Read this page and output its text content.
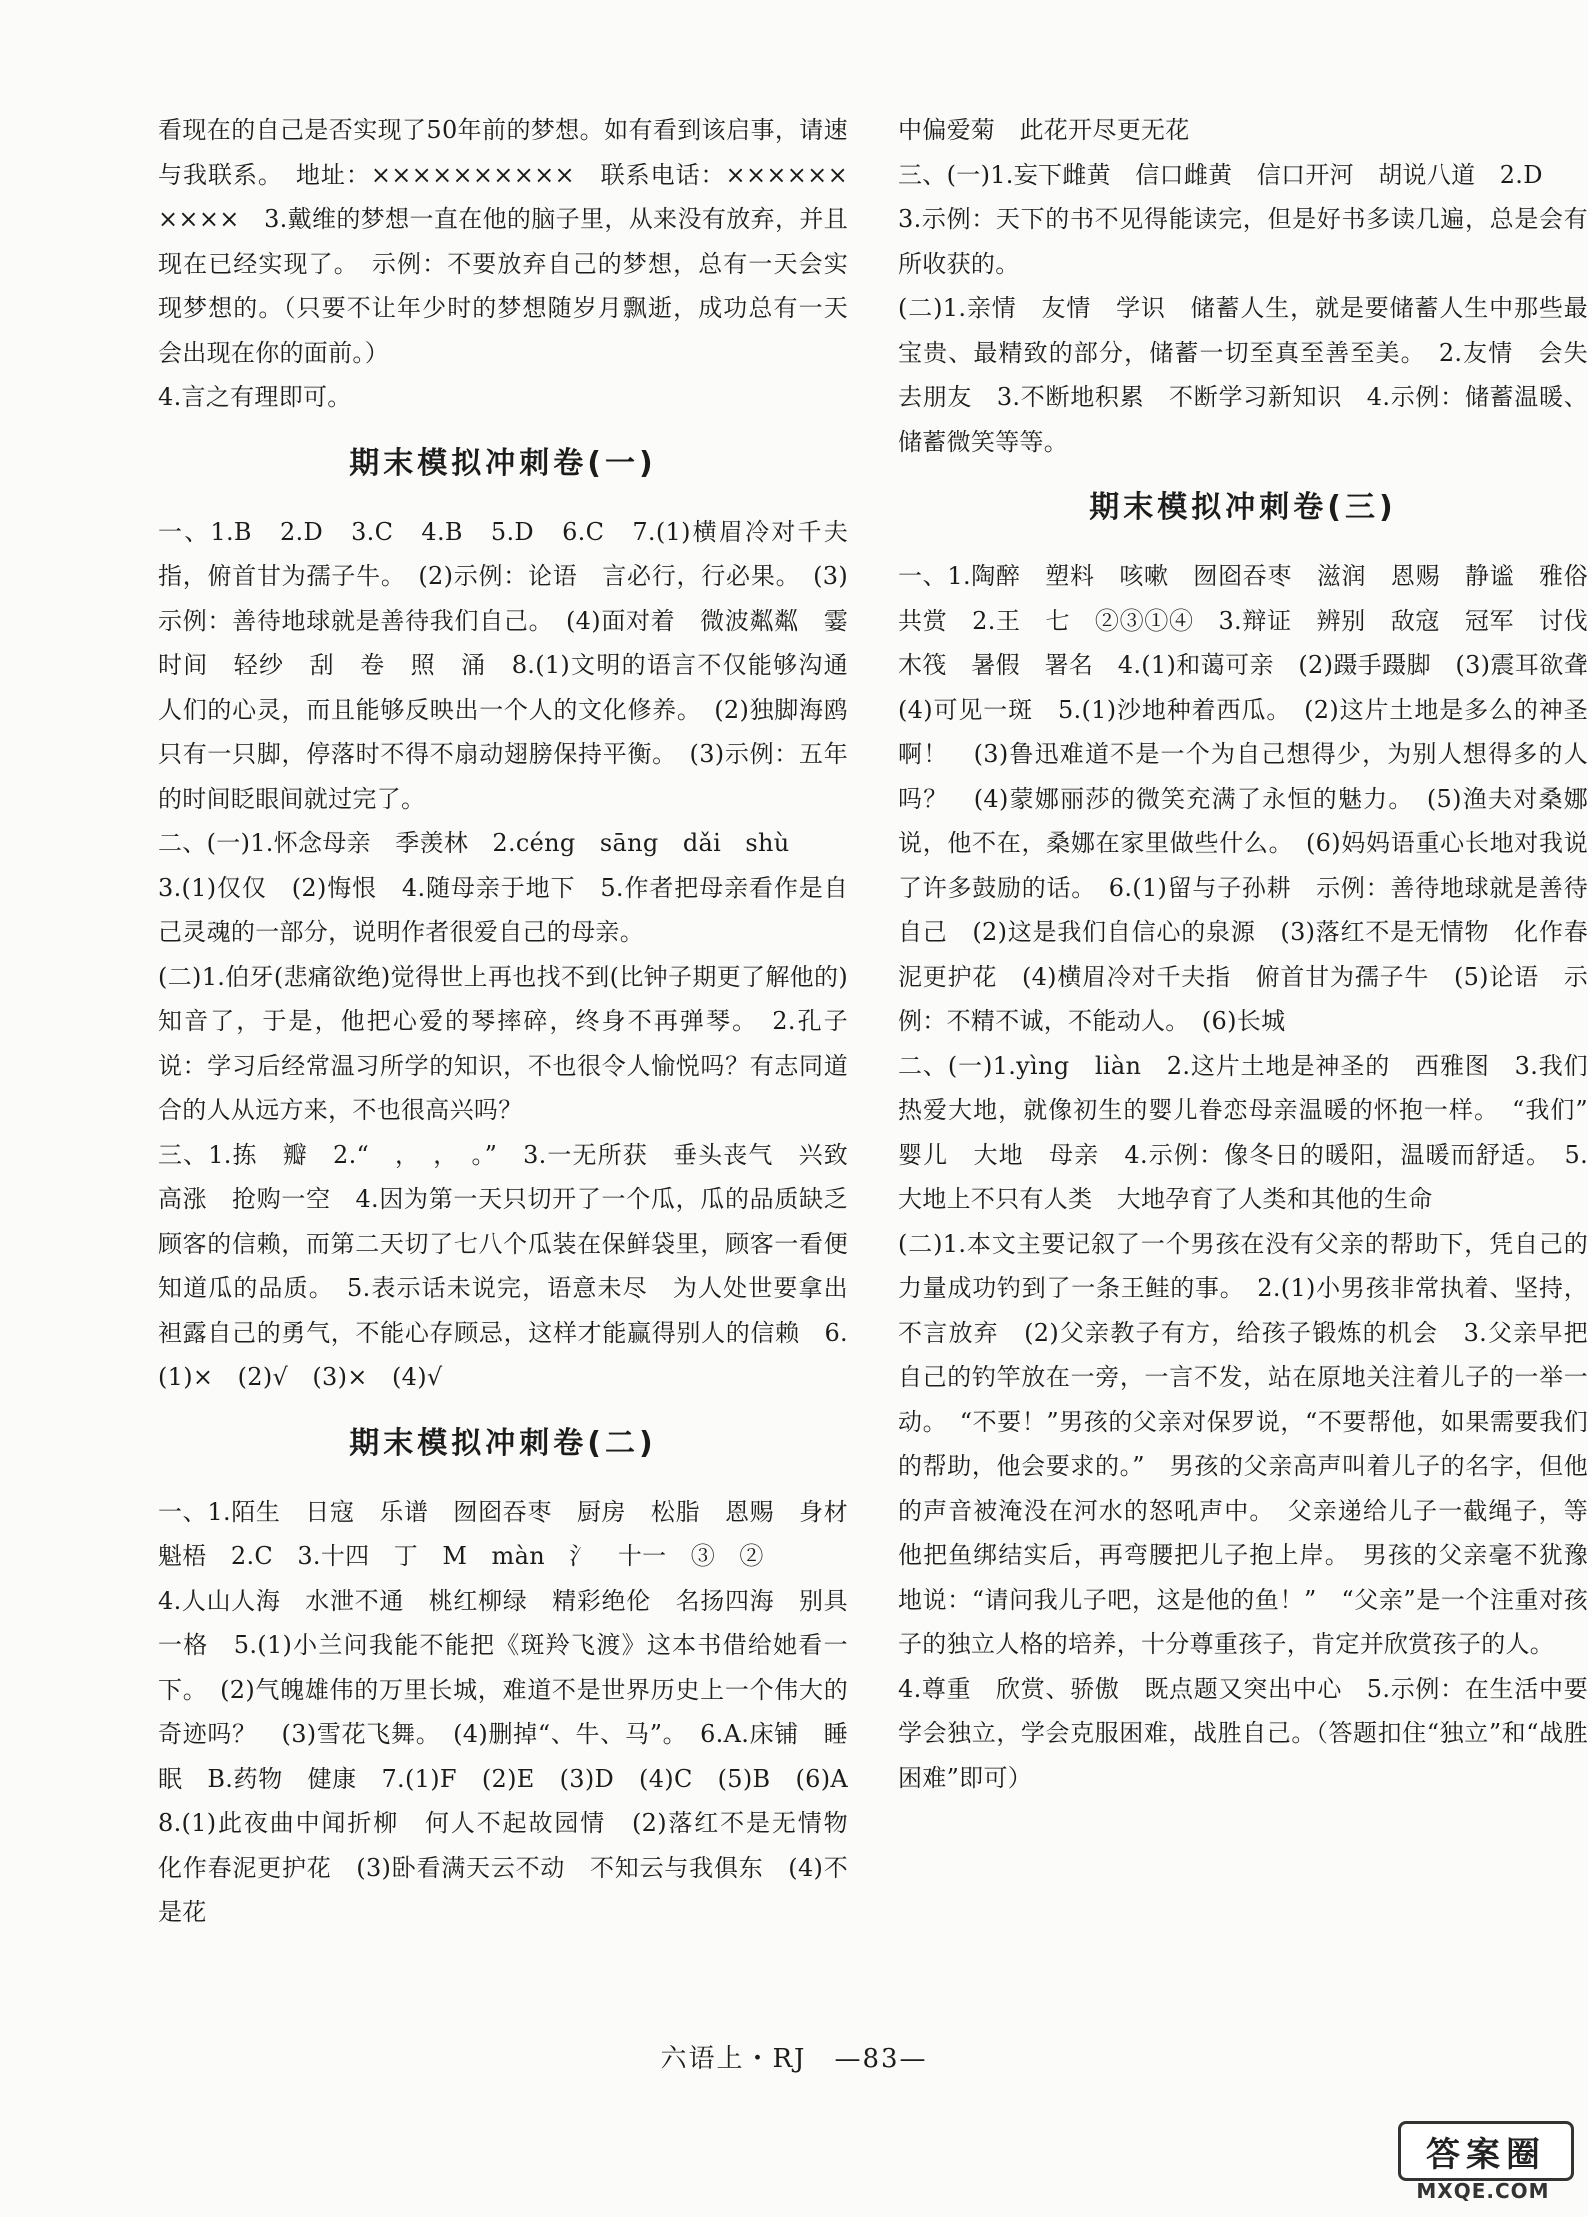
看现在的自己是否实现了50年前的梦想。如有看到该启事，请速与我联系。　地址：××××××××××　联系电话：××××××××××　3.戴维的梦想一直在他的脑子里，从来没有放弃，并且现在已经实现了。　示例：不要放弃自己的梦想，总有一天会实现梦想的。（只要不让年少时的梦想随岁月飘逝，成功总有一天会出现在你的面前。）

4.言之有理即可。

期末模拟冲刺卷(一)

一、1.B　2.D　3.C　4.B　5.D　6.C　7.(1)横眉冷对千夫指，俯首甘为孺子牛。　(2)示例：论语　言必行，行必果。　(3)示例：善待地球就是善待我们自己。　(4)面对着　微波粼粼　霎时间　轻纱　刮　卷　照　涌　8.(1)文明的语言不仅能够沟通人们的心灵，而且能够反映出一个人的文化修养。　(2)独脚海鸥只有一只脚，停落时不得不扇动翅膀保持平衡。　(3)示例：五年的时间眨眼间就过完了。

二、(一)1.怀念母亲　季羡林　2.céng　sāng　dǎi　shù

3.(1)仅仅　(2)悔恨　4.随母亲于地下　5.作者把母亲看作是自己灵魂的一部分，说明作者很爱自己的母亲。

(二)1.伯牙(悲痛欲绝)觉得世上再也找不到(比钟子期更了解他的)知音了，于是，他把心爱的琴摔碎，终身不再弹琴。　2.孔子说：学习后经常温习所学的知识，不也很令人愉悦吗？有志同道合的人从远方来，不也很高兴吗？

三、1.拣　瓣　2.“　，　，　。”　3.一无所获　垂头丧气　兴致高涨　抢购一空　4.因为第一天只切开了一个瓜，瓜的品质缺乏顾客的信赖，而第二天切了七八个瓜装在保鲜袋里，顾客一看便知道瓜的品质。　5.表示话未说完，语意未尽　为人处世要拿出袒露自己的勇气，不能心存顾忌，这样才能赢得别人的信赖　6.(1)×　(2)√　(3)×　(4)√

期末模拟冲刺卷(二)

一、1.陌生　日寇　乐谱　囫囵吞枣　厨房　松脂　恩赐　身材魁梧　2.C　3.十四　丁　M　màn　氵　十一　③　②

4.人山人海　水泄不通　桃红柳绿　精彩绝伦　名扬四海　别具一格　5.(1)小兰问我能不能把《斑羚飞渡》这本书借给她看一下。　(2)气魄雄伟的万里长城，难道不是世界历史上一个伟大的奇迹吗？　(3)雪花飞舞。　(4)删掉“、牛、马”。　6.A.床铺　睡眠　B.药物　健康　7.(1)F　(2)E　(3)D　(4)C　(5)B　(6)A　8.(1)此夜曲中闻折柳　何人不起故园情　(2)落红不是无情物　化作春泥更护花　(3)卧看满天云不动　不知云与我俱东　(4)不是花

中偏爱菊　此花开尽更无花

三、(一)1.妄下雌黄　信口雌黄　信口开河　胡说八道　2.D

3.示例：天下的书不见得能读完，但是好书多读几遍，总是会有所收获的。

(二)1.亲情　友情　学识　储蓄人生，就是要储蓄人生中那些最宝贵、最精致的部分，储蓄一切至真至善至美。　2.友情　会失去朋友　3.不断地积累　不断学习新知识　4.示例：储蓄温暖、储蓄微笑等等。

期末模拟冲刺卷(三)

一、1.陶醉　塑料　咳嗽　囫囵吞枣　滋润　恩赐　静谧　雅俗共赏　2.王　七　②③①④　3.辩证　辨别　敌寇　冠军　讨伐　木筏　暑假　署名　4.(1)和蔼可亲　(2)蹑手蹑脚　(3)震耳欲聋　(4)可见一斑　5.(1)沙地种着西瓜。　(2)这片土地是多么的神圣啊！　(3)鲁迅难道不是一个为自己想得少，为别人想得多的人吗？　(4)蒙娜丽莎的微笑充满了永恒的魅力。　(5)渔夫对桑娜说，他不在，桑娜在家里做些什么。　(6)妈妈语重心长地对我说了许多鼓励的话。　6.(1)留与子孙耕　示例：善待地球就是善待自己　(2)这是我们自信心的泉源　(3)落红不是无情物　化作春泥更护花　(4)横眉冷对千夫指　俯首甘为孺子牛　(5)论语　示例：不精不诚，不能动人。　(6)长城

二、(一)1.yìng　liàn　2.这片土地是神圣的　西雅图　3.我们热爱大地，就像初生的婴儿眷恋母亲温暖的怀抱一样。　“我们”　婴儿　大地　母亲　4.示例：像冬日的暖阳，温暖而舒适。　5.大地上不只有人类　大地孕育了人类和其他的生命

(二)1.本文主要记叙了一个男孩在没有父亲的帮助下，凭自己的力量成功钓到了一条王鲑的事。　2.(1)小男孩非常执着、坚持，不言放弃　(2)父亲教子有方，给孩子锻炼的机会　3.父亲早把自己的钓竿放在一旁，一言不发，站在原地关注着儿子的一举一动。　“不要！”男孩的父亲对保罗说，“不要帮他，如果需要我们的帮助，他会要求的。”　男孩的父亲高声叫着儿子的名字，但他的声音被淹没在河水的怒吼声中。　父亲递给儿子一截绳子，等他把鱼绑结实后，再弯腰把儿子抱上岸。　男孩的父亲毫不犹豫地说：“请问我儿子吧，这是他的鱼！”　“父亲”是一个注重对孩子的独立人格的培养，十分尊重孩子，肯定并欣赏孩子的人。

4.尊重　欣赏、骄傲　既点题又突出中心　5.示例：在生活中要学会独立，学会克服困难，战胜自己。（答题扣住“独立”和“战胜困难”即可）

六语上・RJ　—83—
答案圈
MXQE.COM
